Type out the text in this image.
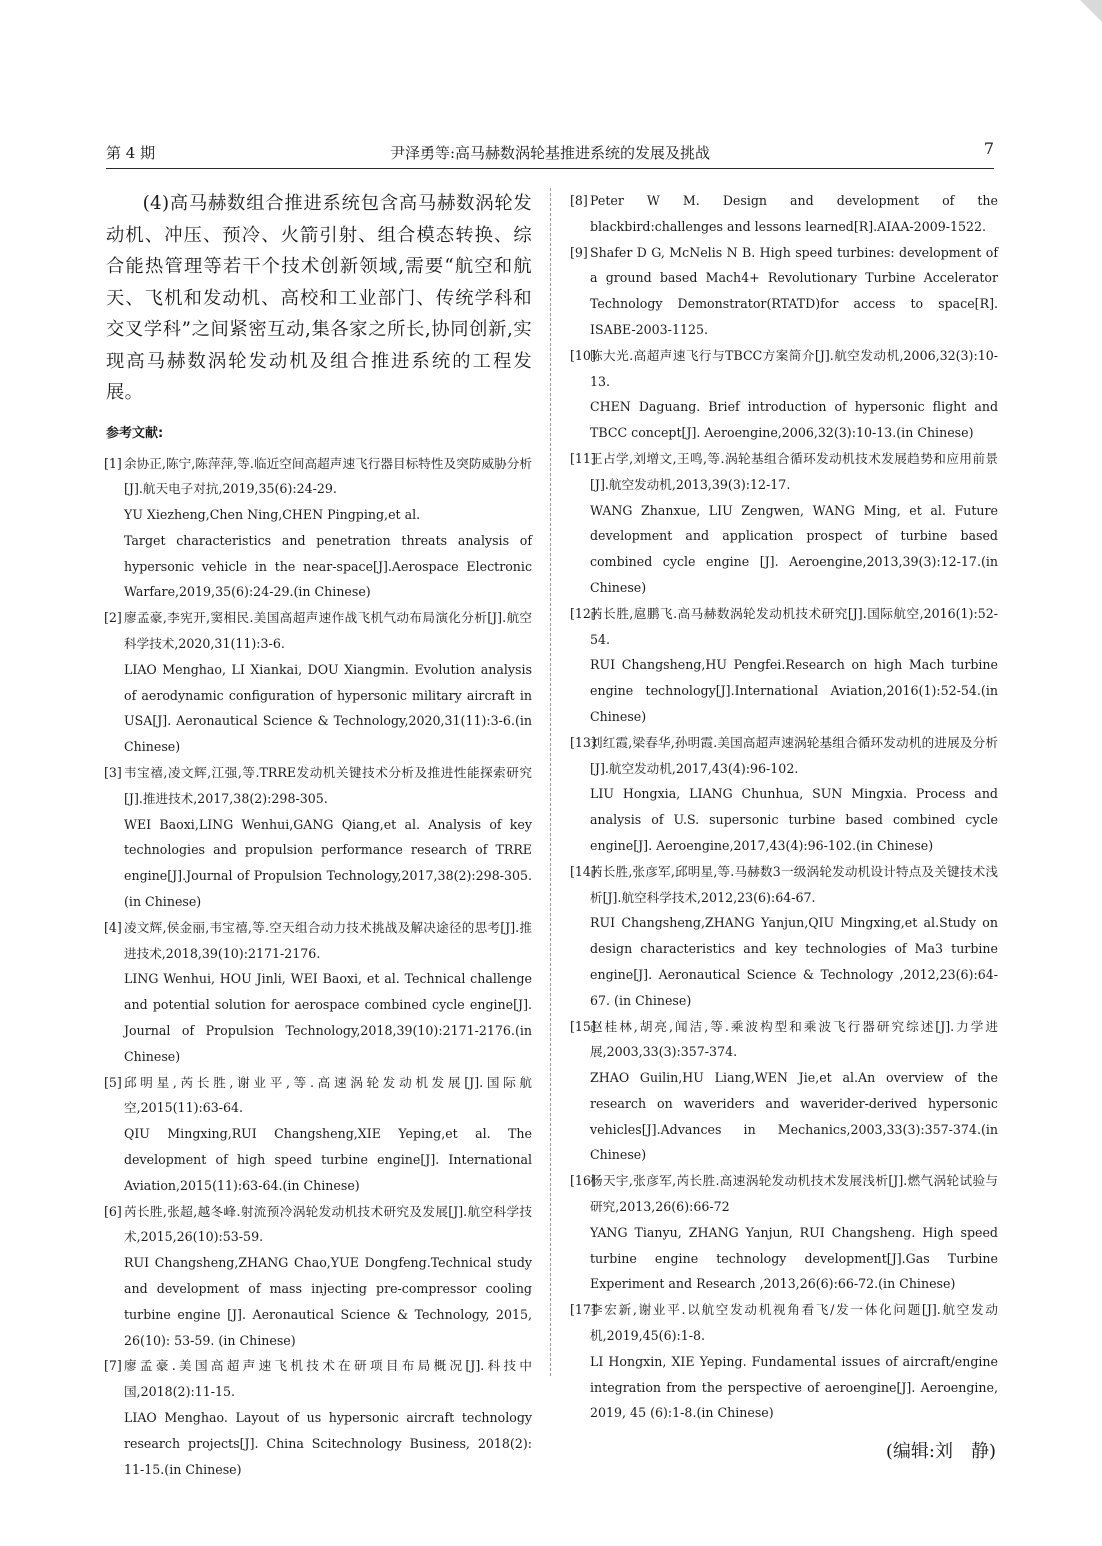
第 4 期	尹泽勇等:高马赫数涡轮基推进系统的发展及挑战	7

(4)高马赫数组合推进系统包含高马赫数涡轮发动机、冲压、预冷、火箭引射、组合模态转换、综合能热管理等若干个技术创新领域,需要“航空和航天、飞机和发动机、高校和工业部门、传统学科和交叉学科”之间紧密互动,集各家之所长,协同创新,实现高马赫数涡轮发动机及组合推进系统的工程发展。

参考文献:
[1] 余协正,陈宁,陈萍萍,等.临近空间高超声速飞行器目标特性及突防威胁分析[J].航天电子对抗,2019,35(6):24-29.

YU Xiezheng,Chen Ning,CHEN Pingping,et al.

Target characteristics and penetration threats analysis of hypersonic vehicle in the near-space[J].Aerospace Electronic Warfare,2019,35(6):24-29.(in Chinese)

[2] 廖孟豪,李宪开,窦相民.美国高超声速作战飞机气动布局演化分析[J].航空科学技术,2020,31(11):3-6.

LIAO Menghao, LI Xiankai, DOU Xiangmin. Evolution analysis of aerodynamic configuration of hypersonic military aircraft in USA[J]. Aeronautical Science & Technology,2020,31(11):3-6.(in Chinese)

[3] 韦宝禧,凌文辉,江强,等.TRRE发动机关键技术分析及推进性能探索研究[J].推进技术,2017,38(2):298-305.

WEI Baoxi,LING Wenhui,GANG Qiang,et al. Analysis of key technologies and propulsion performance research of TRRE engine[J].Journal of Propulsion Technology,2017,38(2):298-305.(in Chinese)

[4] 凌文辉,侯金丽,韦宝禧,等.空天组合动力技术挑战及解决途径的思考[J].推进技术,2018,39(10):2171-2176.

LING Wenhui, HOU Jinli, WEI Baoxi, et al. Technical challenge and potential solution for aerospace combined cycle engine[J]. Journal of Propulsion Technology,2018,39(10):2171-2176.(in Chinese)

[5] 邱明星,芮长胜,谢业平,等.高速涡轮发动机发展[J].国际航空,2015(11):63-64.

QIU Mingxing,RUI Changsheng,XIE Yeping,et al. The development of high speed turbine engine[J]. International Aviation,2015(11):63-64.(in Chinese)

[6] 芮长胜,张超,越冬峰.射流预冷涡轮发动机技术研究及发展[J].航空科学技术,2015,26(10):53-59.

RUI Changsheng,ZHANG Chao,YUE Dongfeng.Technical study and development of mass injecting pre-compressor cooling turbine engine [J]. Aeronautical Science & Technology, 2015, 26(10): 53-59. (in Chinese)

[7] 廖孟豪.美国高超声速飞机技术在研项目布局概况[J].科技中国,2018(2):11-15.

LIAO Menghao. Layout of us hypersonic aircraft technology research projects[J]. China Scitechnology Business, 2018(2): 11-15.(in Chinese)

[8] Peter W M. Design and development of the blackbird:challenges and lessons learned[R].AIAA-2009-1522.

[9] Shafer D G, McNelis N B. High speed turbines: development of a ground based Mach4+ Revolutionary Turbine Accelerator Technology Demonstrator(RTATD)for access to space[R]. ISABE-2003-1125.

[10]

陈大光.高超声速飞行与TBCC方案简介[J].航空发动机,2006,32(3):10-13.

CHEN Daguang. Brief introduction of hypersonic flight and TBCC concept[J]. Aeroengine,2006,32(3):10-13.(in Chinese)

[11]

王占学,刘增文,王鸣,等.涡轮基组合循环发动机技术发展趋势和应用前景[J].航空发动机,2013,39(3):12-17.

WANG Zhanxue, LIU Zengwen, WANG Ming, et al. Future development and application prospect of turbine based combined cycle engine [J]. Aeroengine,2013,39(3):12-17.(in Chinese)

[12]

芮长胜,扈鹏飞.高马赫数涡轮发动机技术研究[J].国际航空,2016(1):52-54.

RUI Changsheng,HU Pengfei.Research on high Mach turbine engine technology[J].International Aviation,2016(1):52-54.(in Chinese)

[13]

刘红霞,梁春华,孙明霞.美国高超声速涡轮基组合循环发动机的进展及分析[J].航空发动机,2017,43(4):96-102.

LIU Hongxia, LIANG Chunhua, SUN Mingxia. Process and analysis of U.S. supersonic turbine based combined cycle engine[J]. Aeroengine,2017,43(4):96-102.(in Chinese)

[14]

芮长胜,张彦军,邱明星,等.马赫数3一级涡轮发动机设计特点及关键技术浅析[J].航空科学技术,2012,23(6):64-67.

RUI Changsheng,ZHANG Yanjun,QIU Mingxing,et al.Study on design characteristics and key technologies of Ma3 turbine engine[J]. Aeronautical Science & Technology ,2012,23(6):64-67. (in Chinese)

[15]

赵桂林,胡亮,闻洁,等.乘波构型和乘波飞行器研究综述[J].力学进展,2003,33(3):357-374.

ZHAO Guilin,HU Liang,WEN Jie,et al.An overview of the research on waveriders and waverider-derived hypersonic vehicles[J].Advances in Mechanics,2003,33(3):357-374.(in Chinese)

[16]

杨天宇,张彦军,芮长胜.高速涡轮发动机技术发展浅析[J].燃气涡轮试验与研究,2013,26(6):66-72

YANG Tianyu, ZHANG Yanjun, RUI Changsheng. High speed turbine engine technology development[J].Gas Turbine Experiment and Research ,2013,26(6):66-72.(in Chinese)

[17]

李宏新,谢业平.以航空发动机视角看飞/发一体化问题[J].航空发动机,2019,45(6):1-8.

LI Hongxin, XIE Yeping. Fundamental issues of aircraft/engine integration from the perspective of aeroengine[J]. Aeroengine, 2019, 45 (6):1-8.(in Chinese)

(编辑:刘　静)
